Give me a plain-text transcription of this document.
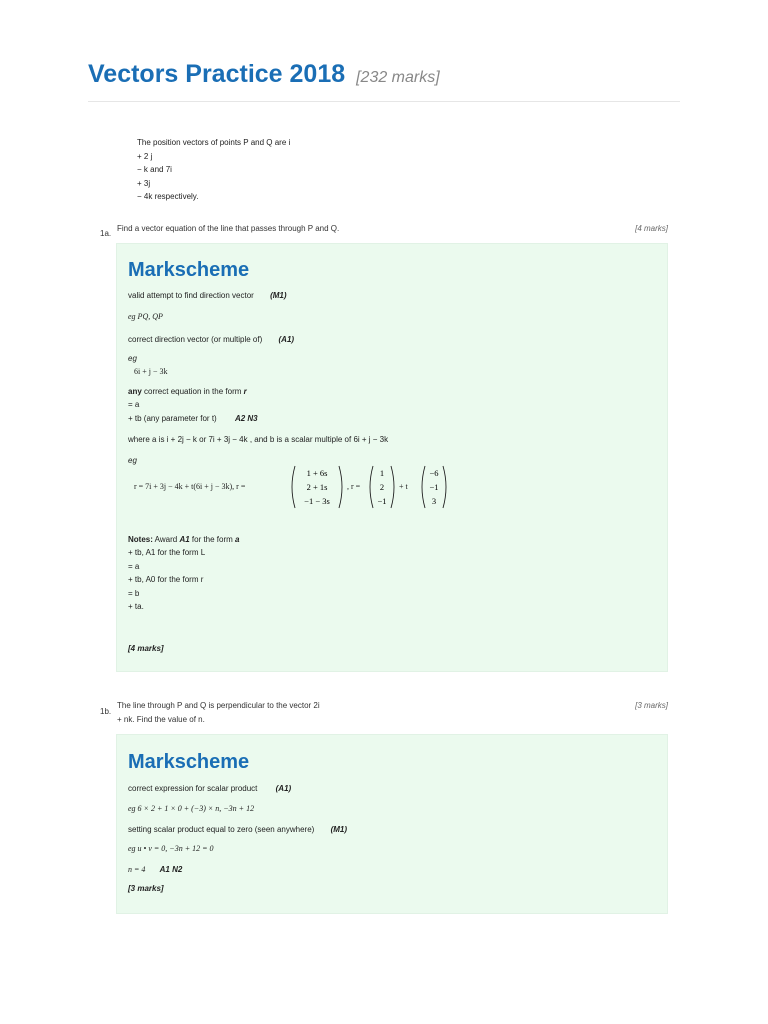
Vectors Practice 2018 [232 marks]
The position vectors of points P and Q are i
+ 2 j
− k and 7i
+ 3j
− 4k respectively.
1a.
Find a vector equation of the line that passes through P and Q.	[4 marks]
Markscheme
valid attempt to find direction vector (M1)
eg PQ, QP
correct direction vector (or multiple of) (A1)
eg
6i + j − 3k
any correct equation in the form r
= a
+ tb (any parameter for t) A2 N3
where a is i + 2j − k or 7i + 3j − 4k , and b is a scalar multiple of 6i + j − 3k
eg
r = 7i + 3j − 4k + t(6i + j − 3k), r =
1 + 6s
2 + 1s
−1 − 3s
, r =
1
2
−1
+ t
−6
−1
3
Notes: Award A1 for the form a
+ tb, A1 for the form L
= a
+ tb, A0 for the form r
= b
+ ta.
[4 marks]
1b.
The line through P and Q is perpendicular to the vector 2i
+ nk. Find the value of n.
[3 marks]
Markscheme
correct expression for scalar product (A1)
eg 6 × 2 + 1 × 0 + (−3) × n, −3n + 12
setting scalar product equal to zero (seen anywhere) (M1)
eg u • v = 0, −3n + 12 = 0
n = 4 A1 N2
[3 marks]
